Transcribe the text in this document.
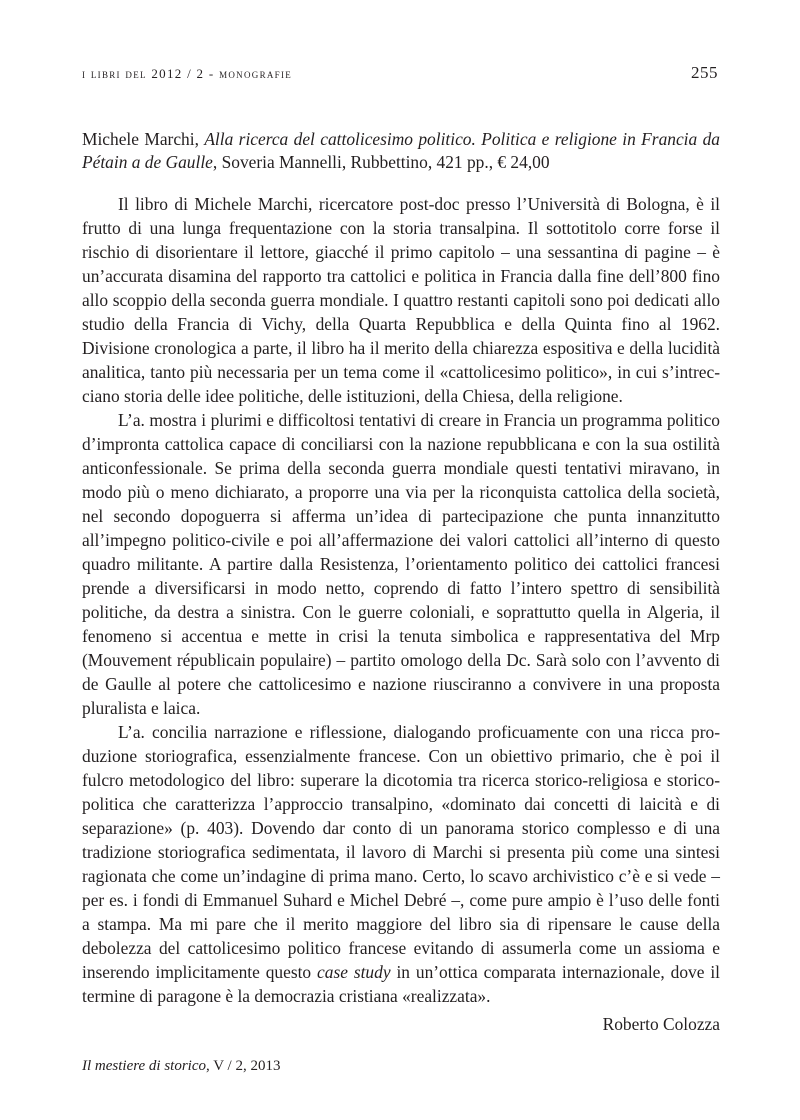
i libri del 2012 / 2 - monografie	255
Michele Marchi, Alla ricerca del cattolicesimo politico. Politica e religione in Francia da Pétain a de Gaulle, Soveria Mannelli, Rubbettino, 421 pp., € 24,00

Il libro di Michele Marchi, ricercatore post-doc presso l’Università di Bologna, è il frutto di una lunga frequentazione con la storia transalpina. Il sottotitolo corre forse il rischio di disorientare il lettore, giacché il primo capitolo – una sessantina di pagine – è un’accurata disamina del rapporto tra cattolici e politica in Francia dalla fine dell’800 fino allo scoppio della seconda guerra mondiale. I quattro restanti capitoli sono poi dedicati allo studio della Francia di Vichy, della Quarta Repubblica e della Quinta fino al 1962. Divisione cronologica a parte, il libro ha il merito della chiarezza espositiva e della lucidità analitica, tanto più necessaria per un tema come il «cattolicesimo politico», in cui s’intrecciano storia delle idee politiche, delle istituzioni, della Chiesa, della religione.

L’a. mostra i plurimi e difficoltosi tentativi di creare in Francia un programma politico d’impronta cattolica capace di conciliarsi con la nazione repubblicana e con la sua ostilità anticonfessionale. Se prima della seconda guerra mondiale questi tentativi miravano, in modo più o meno dichiarato, a proporre una via per la riconquista cattolica della società, nel secondo dopoguerra si afferma un’idea di partecipazione che punta innanzitutto all’impegno politico-civile e poi all’affermazione dei valori cattolici all’interno di questo quadro militante. A partire dalla Resistenza, l’orientamento politico dei cattolici francesi prende a diversificarsi in modo netto, coprendo di fatto l’intero spettro di sensibilità politiche, da destra a sinistra. Con le guerre coloniali, e soprattutto quella in Algeria, il fenomeno si accentua e mette in crisi la tenuta simbolica e rappresentativa del Mrp (Mouvement républicain populaire) – partito omologo della Dc. Sarà solo con l’avvento di de Gaulle al potere che cattolicesimo e nazione riusciranno a convivere in una proposta pluralista e laica.

L’a. concilia narrazione e riflessione, dialogando proficuamente con una ricca produzione storiografica, essenzialmente francese. Con un obiettivo primario, che è poi il fulcro metodologico del libro: superare la dicotomia tra ricerca storico-religiosa e storico-politica che caratterizza l’approccio transalpino, «dominato dai concetti di laicità e di separazione» (p. 403). Dovendo dar conto di un panorama storico complesso e di una tradizione storiografica sedimentata, il lavoro di Marchi si presenta più come una sintesi ragionata che come un’indagine di prima mano. Certo, lo scavo archivistico c’è e si vede – per es. i fondi di Emmanuel Suhard e Michel Debré –, come pure ampio è l’uso delle fonti a stampa. Ma mi pare che il merito maggiore del libro sia di ripensare le cause della debolezza del cattolicesimo politico francese evitando di assumerla come un assioma e inserendo implicitamente questo case study in un’ottica comparata internazionale, dove il termine di paragone è la democrazia cristiana «realizzata».

Roberto Colozza

Il mestiere di storico, V / 2, 2013
